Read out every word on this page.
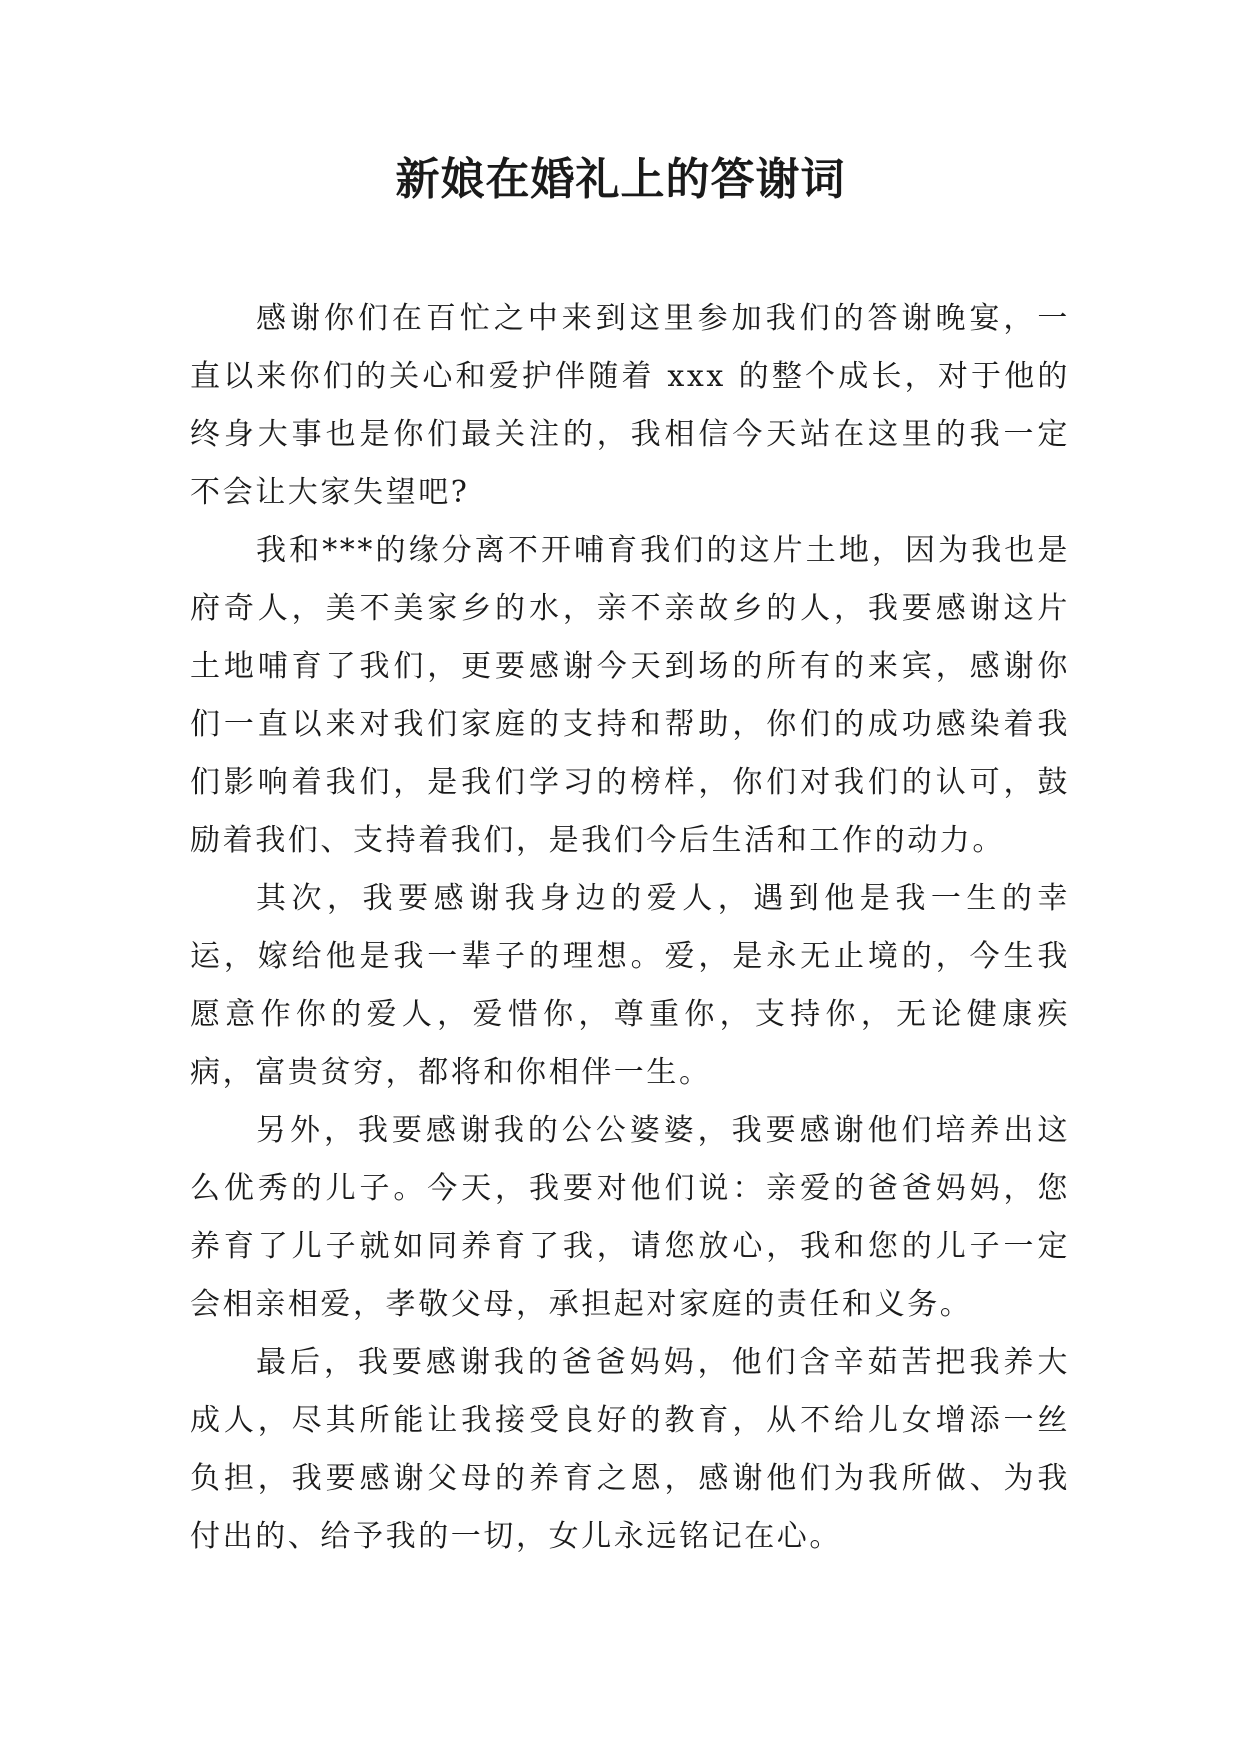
新娘在婚礼上的答谢词

感谢你们在百忙之中来到这里参加我们的答谢晚宴，一直以来你们的关心和爱护伴随着 xxx 的整个成长，对于他的终身大事也是你们最关注的，我相信今天站在这里的我一定不会让大家失望吧?

我和***的缘分离不开哺育我们的这片土地，因为我也是府奇人，美不美家乡的水，亲不亲故乡的人，我要感谢这片土地哺育了我们，更要感谢今天到场的所有的来宾，感谢你们一直以来对我们家庭的支持和帮助，你们的成功感染着我们影响着我们，是我们学习的榜样，你们对我们的认可，鼓励着我们、支持着我们，是我们今后生活和工作的动力。

其次，我要感谢我身边的爱人，遇到他是我一生的幸运，嫁给他是我一辈子的理想。爱，是永无止境的，今生我愿意作你的爱人，爱惜你，尊重你，支持你，无论健康疾病，富贵贫穷，都将和你相伴一生。

另外，我要感谢我的公公婆婆，我要感谢他们培养出这么优秀的儿子。今天，我要对他们说：亲爱的爸爸妈妈，您养育了儿子就如同养育了我，请您放心，我和您的儿子一定会相亲相爱，孝敬父母，承担起对家庭的责任和义务。

最后，我要感谢我的爸爸妈妈，他们含辛茹苦把我养大成人，尽其所能让我接受良好的教育，从不给儿女增添一丝负担，我要感谢父母的养育之恩，感谢他们为我所做、为我付出的、给予我的一切，女儿永远铭记在心。
